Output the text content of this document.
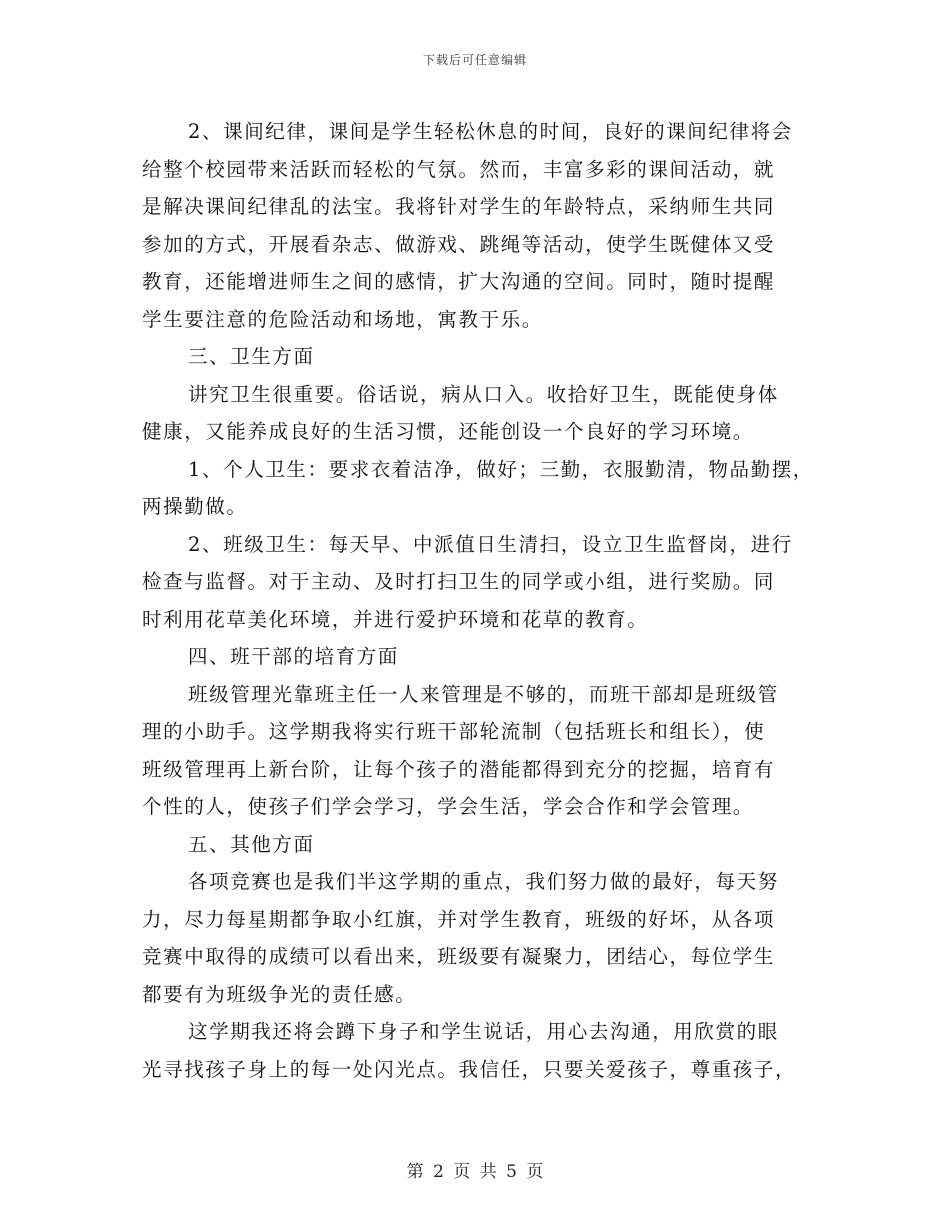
下载后可任意编辑
2、课间纪律，课间是学生轻松休息的时间，良好的课间纪律将会
给整个校园带来活跃而轻松的气氛。然而，丰富多彩的课间活动，就
是解决课间纪律乱的法宝。我将针对学生的年龄特点，采纳师生共同
参加的方式，开展看杂志、做游戏、跳绳等活动，使学生既健体又受
教育，还能增进师生之间的感情，扩大沟通的空间。同时，随时提醒
学生要注意的危险活动和场地，寓教于乐。
三、卫生方面
讲究卫生很重要。俗话说，病从口入。收拾好卫生，既能使身体
健康，又能养成良好的生活习惯，还能创设一个良好的学习环境。
1、个人卫生：要求衣着洁净，做好；三勤，衣服勤清，物品勤摆，
两操勤做。
2、班级卫生：每天早、中派值日生清扫，设立卫生监督岗，进行
检查与监督。对于主动、及时打扫卫生的同学或小组，进行奖励。同
时利用花草美化环境，并进行爱护环境和花草的教育。
四、班干部的培育方面
班级管理光靠班主任一人来管理是不够的，而班干部却是班级管
理的小助手。这学期我将实行班干部轮流制（包括班长和组长），使
班级管理再上新台阶，让每个孩子的潜能都得到充分的挖掘，培育有
个性的人，使孩子们学会学习，学会生活，学会合作和学会管理。
五、其他方面
各项竞赛也是我们半这学期的重点，我们努力做的最好，每天努
力，尽力每星期都争取小红旗，并对学生教育，班级的好坏，从各项
竞赛中取得的成绩可以看出来，班级要有凝聚力，团结心，每位学生
都要有为班级争光的责任感。
这学期我还将会蹲下身子和学生说话，用心去沟通，用欣赏的眼
光寻找孩子身上的每一处闪光点。我信任，只要关爱孩子，尊重孩子，
第 2 页 共 5 页
